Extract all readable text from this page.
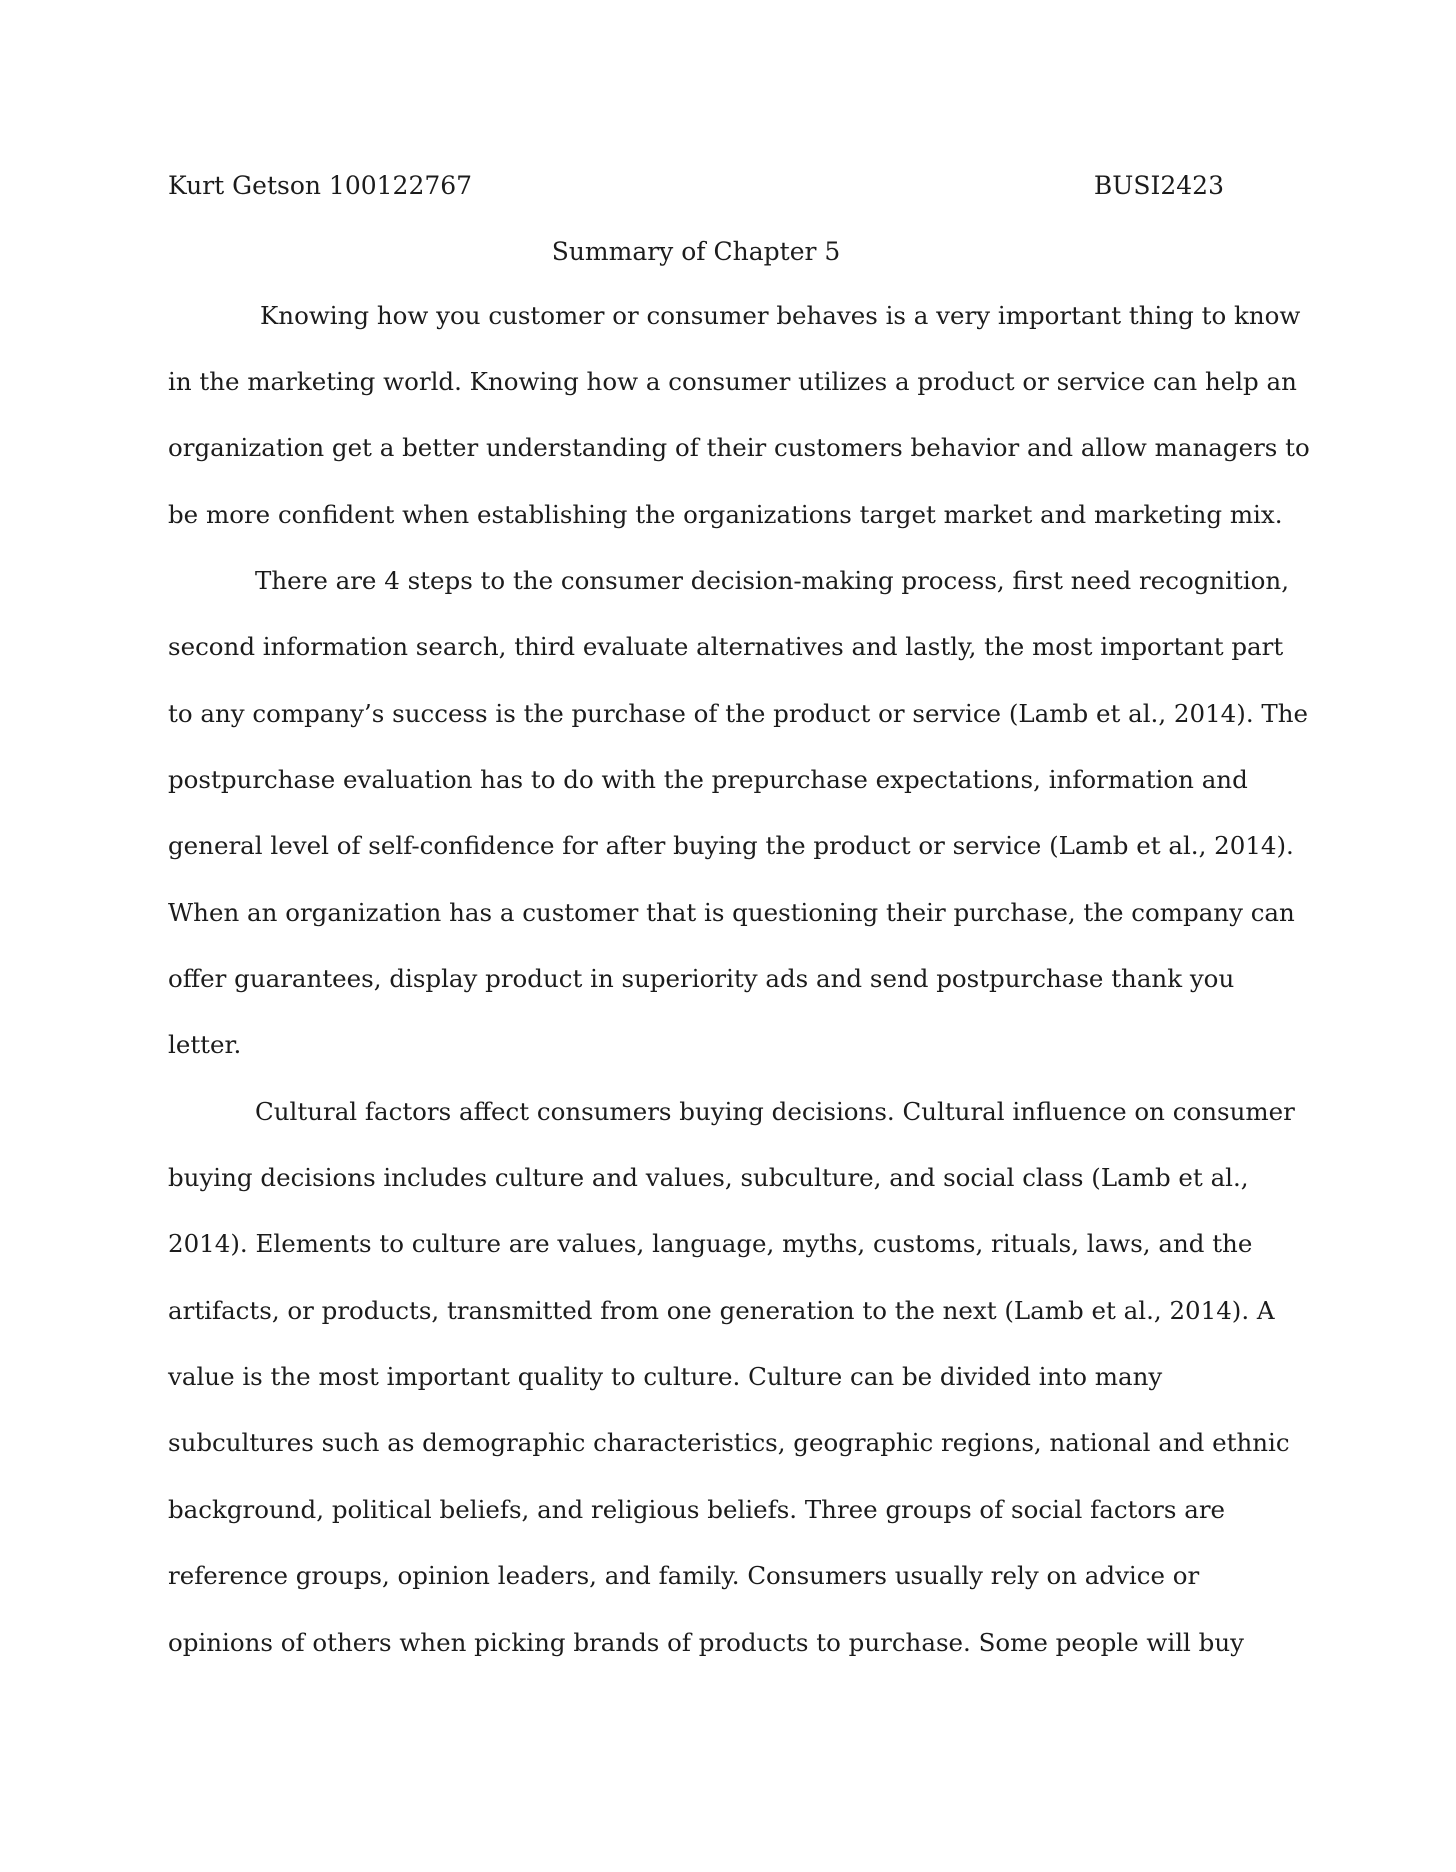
Kurt Getson 100122767	BUSI2423
Summary of Chapter 5
Knowing how you customer or consumer behaves is a very important thing to know
in the marketing world. Knowing how a consumer utilizes a product or service can help an
organization get a better understanding of their customers behavior and allow managers to
be more confident when establishing the organizations target market and marketing mix.
There are 4 steps to the consumer decision-making process, first need recognition,
second information search, third evaluate alternatives and lastly, the most important part
to any company’s success is the purchase of the product or service (Lamb et al., 2014). The
postpurchase evaluation has to do with the prepurchase expectations, information and
general level of self-confidence for after buying the product or service (Lamb et al., 2014).
When an organization has a customer that is questioning their purchase, the company can
offer guarantees, display product in superiority ads and send postpurchase thank you
letter.
Cultural factors affect consumers buying decisions. Cultural influence on consumer
buying decisions includes culture and values, subculture, and social class (Lamb et al.,
2014). Elements to culture are values, language, myths, customs, rituals, laws, and the
artifacts, or products, transmitted from one generation to the next (Lamb et al., 2014). A
value is the most important quality to culture. Culture can be divided into many
subcultures such as demographic characteristics, geographic regions, national and ethnic
background, political beliefs, and religious beliefs. Three groups of social factors are
reference groups, opinion leaders, and family. Consumers usually rely on advice or
opinions of others when picking brands of products to purchase. Some people will buy
